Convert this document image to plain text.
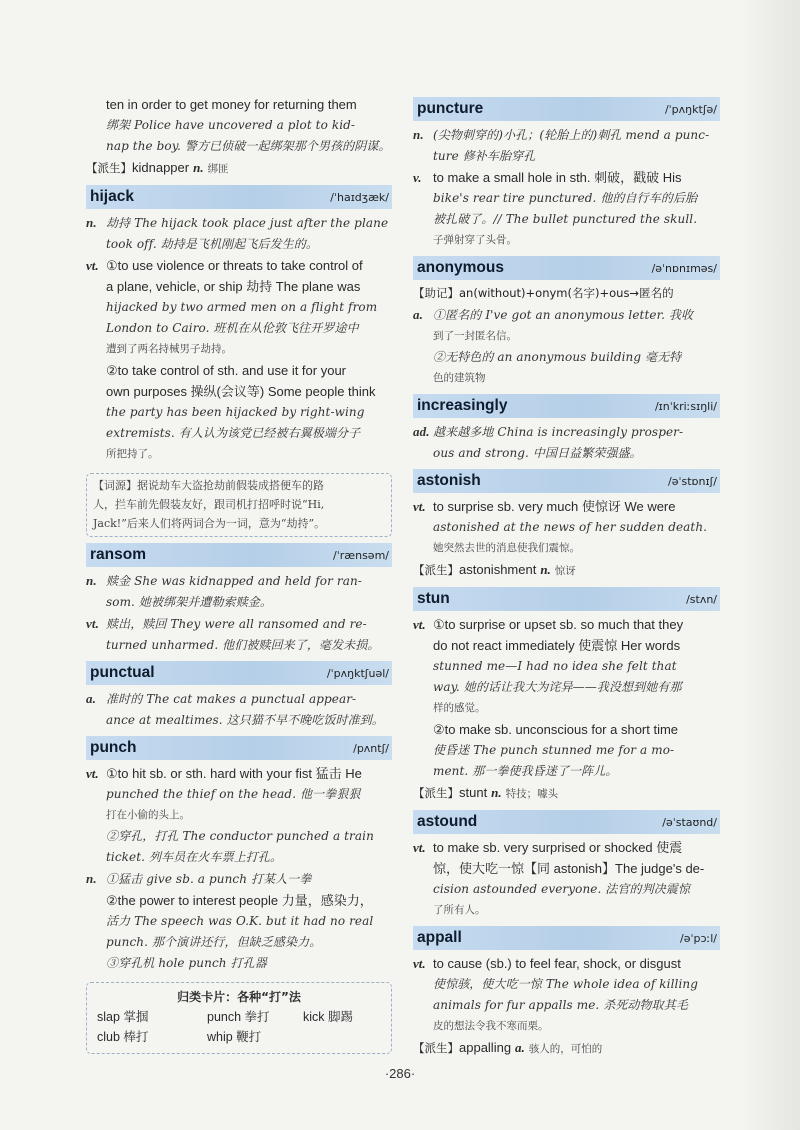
ten in order to get money for returning them
绑架 Police have uncovered a plot to kid-
nap the boy. 警方已侦破一起绑架那个男孩的阴谋。
【派生】kidnapper n. 绑匪
hijack	/ˈhaɪdʒæk/
n. 劫持 The hijack took place just after the plane
took off. 劫持是飞机刚起飞后发生的。
vt. ①to use violence or threats to take control of
a plane, vehicle, or ship 劫持 The plane was
hijacked by two armed men on a flight from
London to Cairo. 班机在从伦敦飞往开罗途中
遭到了两名持械男子劫持。
②to take control of sth. and use it for your
own purposes 操纵(会议等) Some people think
the party has been hijacked by right-wing
extremists. 有人认为该党已经被右翼极端分子
所把持了。
【词源】据说劫车大盗抢劫前假装成搭便车的路
人，拦车前先假装友好，跟司机打招呼时说“Hi,
Jack!”后来人们将两词合为一词，意为“劫持”。
ransom	/ˈrænsəm/
n. 赎金 She was kidnapped and held for ran-
som. 她被绑架并遭勒索赎金。
vt. 赎出，赎回 They were all ransomed and re-
turned unharmed. 他们被赎回来了，毫发未损。
punctual	/ˈpʌŋktʃuəl/
a. 准时的 The cat makes a punctual appear-
ance at mealtimes. 这只猫不早不晚吃饭时准到。
punch	/pʌntʃ/
vt. ①to hit sb. or sth. hard with your fist 猛击 He
punched the thief on the head. 他一拳狠狠
打在小偷的头上。
②穿孔，打孔 The conductor punched a train
ticket. 列车员在火车票上打孔。
n. ①猛击 give sb. a punch 打某人一拳
②the power to interest people 力量，感染力，
活力 The speech was O.K. but it had no real
punch. 那个演讲还行，但缺乏感染力。
③穿孔机 hole punch 打孔器
归类卡片：各种“打”法
slap 掌掴	punch 拳打	kick 脚踢
club 棒打	whip 鞭打
puncture	/ˈpʌŋktʃə/
n. (尖物刺穿的)小孔；(轮胎上的)刺孔 mend a punc-
ture 修补车胎穿孔
v. to make a small hole in sth. 刺破，戳破 His
bike's rear tire punctured. 他的自行车的后胎
被扎破了。// The bullet punctured the skull.
子弹射穿了头骨。
anonymous	/əˈnɒnɪməs/
【助记】an(without)+onym(名字)+ous→匿名的
a. ①匿名的 I've got an anonymous letter. 我收
到了一封匿名信。
②无特色的 an anonymous building 毫无特
色的建筑物
increasingly	/ɪnˈkriːsɪŋli/
ad. 越来越多地 China is increasingly prosper-
ous and strong. 中国日益繁荣强盛。
astonish	/əˈstɒnɪʃ/
vt. to surprise sb. very much 使惊讶 We were
astonished at the news of her sudden death.
她突然去世的消息使我们震惊。
【派生】astonishment n. 惊讶
stun	/stʌn/
vt. ①to surprise or upset sb. so much that they
do not react immediately 使震惊 Her words
stunned me—I had no idea she felt that
way. 她的话让我大为诧异——我没想到她有那
样的感觉。
②to make sb. unconscious for a short time
使昏迷 The punch stunned me for a mo-
ment. 那一拳使我昏迷了一阵儿。
【派生】stunt n. 特技；噱头
astound	/əˈstaʊnd/
vt. to make sb. very surprised or shocked 使震
惊，使大吃一惊【同 astonish】The judge's de-
cision astounded everyone. 法官的判决震惊
了所有人。
appall	/əˈpɔːl/
vt. to cause (sb.) to feel fear, shock, or disgust
使惊骇，使大吃一惊 The whole idea of killing
animals for fur appalls me. 杀死动物取其毛
皮的想法令我不寒而栗。
【派生】appalling a. 骇人的，可怕的
·286·
